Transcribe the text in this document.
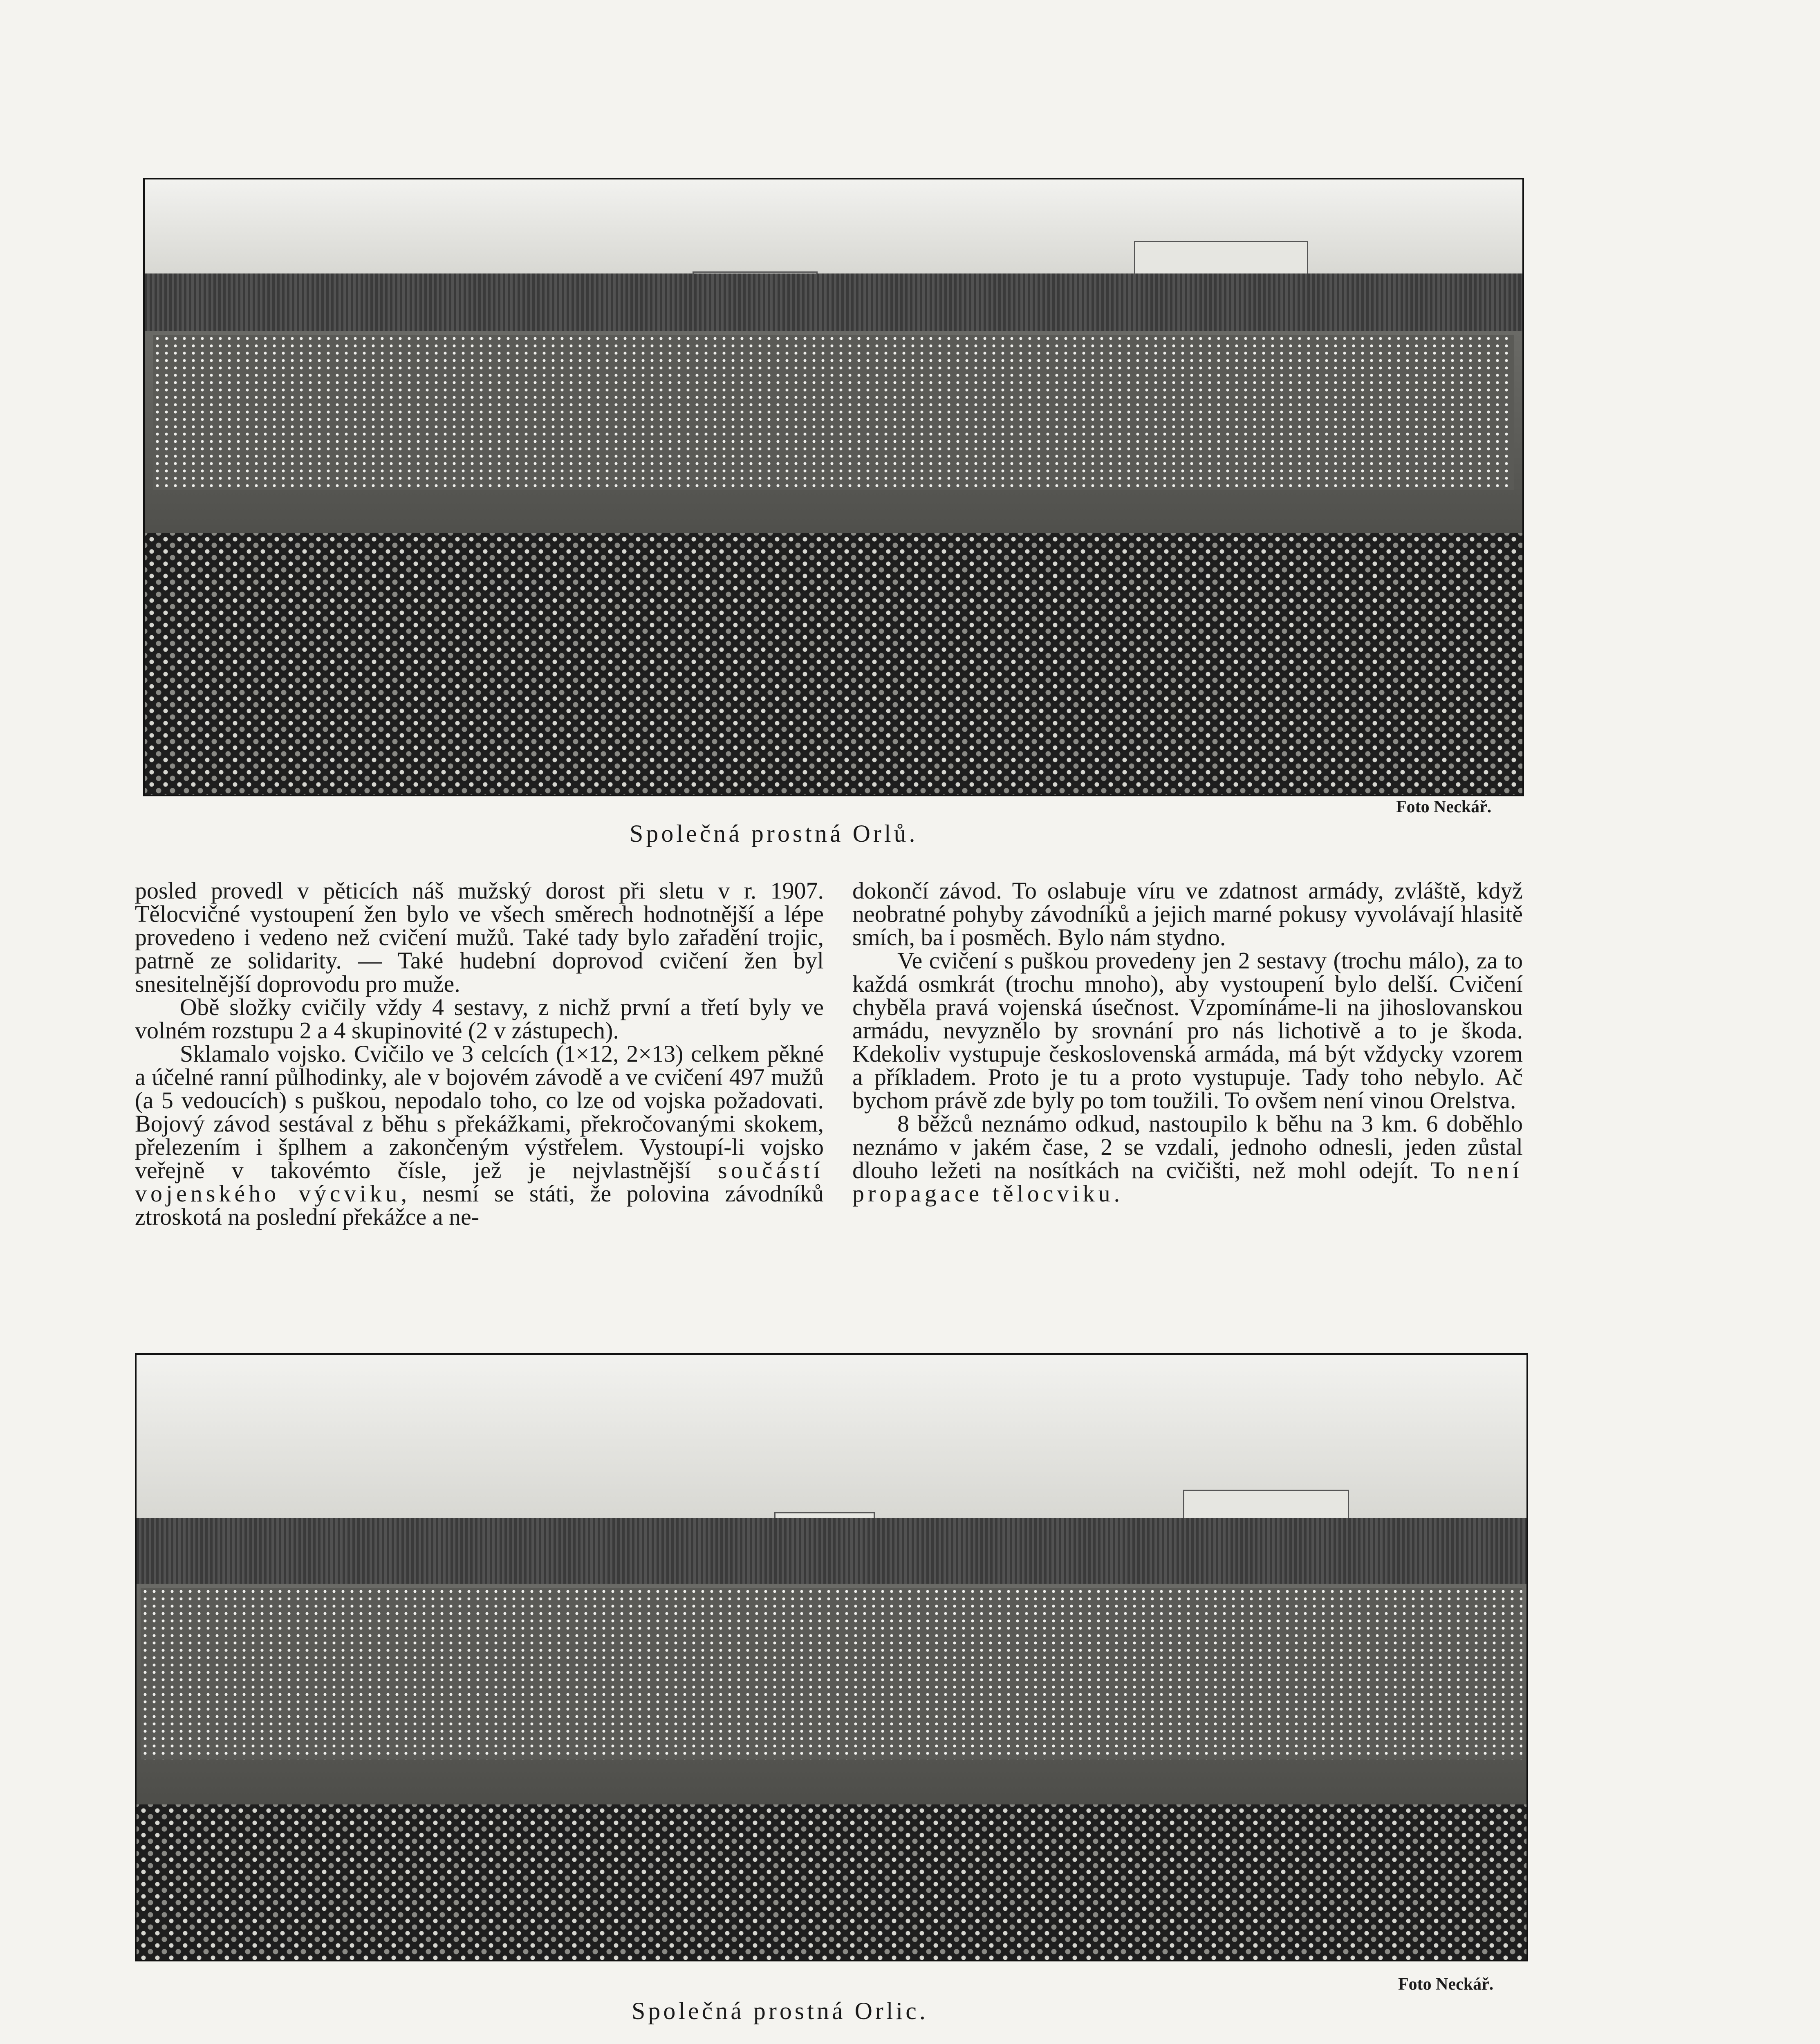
Foto Neckář.
Společná prostná Orlů.

posled provedl v pěticích náš mužský dorost při sletu v r. 1907. Tělocvičné vystoupení žen bylo ve všech směrech hodnotnější a lépe provedeno i vedeno než cvičení mužů. Také tady bylo zařadění trojic, patrně ze solidarity. — Také hudební doprovod cvičení žen byl snesitelnější doprovodu pro muže.

Obě složky cvičily vždy 4 sestavy, z nichž první a třetí byly ve volném rozstupu 2 a 4 skupinovité (2 v zástupech).

Sklamalo vojsko. Cvičilo ve 3 celcích (1×12, 2×13) celkem pěkné a účelné ranní půlhodinky, ale v bojovém závodě a ve cvičení 497 mužů (a 5 vedoucích) s puškou, nepodalo toho, co lze od vojska požadovati. Bojový závod sestával z běhu s překážkami, překročovanými skokem, přelezením i šplhem a zakončeným výstřelem. Vystoupí-li vojsko veřejně v takovémto čísle, jež je nejvlastnější součástí vojenského výcviku, nesmí se státi, že polovina závodníků ztroskotá na poslední překážce a ne-

dokončí závod. To oslabuje víru ve zdatnost armády, zvláště, když neobratné pohyby závodníků a jejich marné pokusy vyvolávají hlasitě smích, ba i posměch. Bylo nám stydno.

Ve cvičení s puškou provedeny jen 2 sestavy (trochu málo), za to každá osmkrát (trochu mnoho), aby vystoupení bylo delší. Cvičení chyběla pravá vojenská úsečnost. Vzpomínáme-li na jihoslovanskou armádu, nevyznělo by srovnání pro nás lichotivě a to je škoda. Kdekoliv vystupuje československá armáda, má být vždycky vzorem a příkladem. Proto je tu a proto vystupuje. Tady toho nebylo. Ač bychom právě zde byly po tom toužili. To ovšem není vinou Orelstva.

8 běžců neznámo odkud, nastoupilo k běhu na 3 km. 6 doběhlo neznámo v jakém čase, 2 se vzdali, jednoho odnesli, jeden zůstal dlouho ležeti na nosítkách na cvičišti, než mohl odejít. To není propagace tělocviku.

Foto Neckář.
Společná prostná Orlic.
